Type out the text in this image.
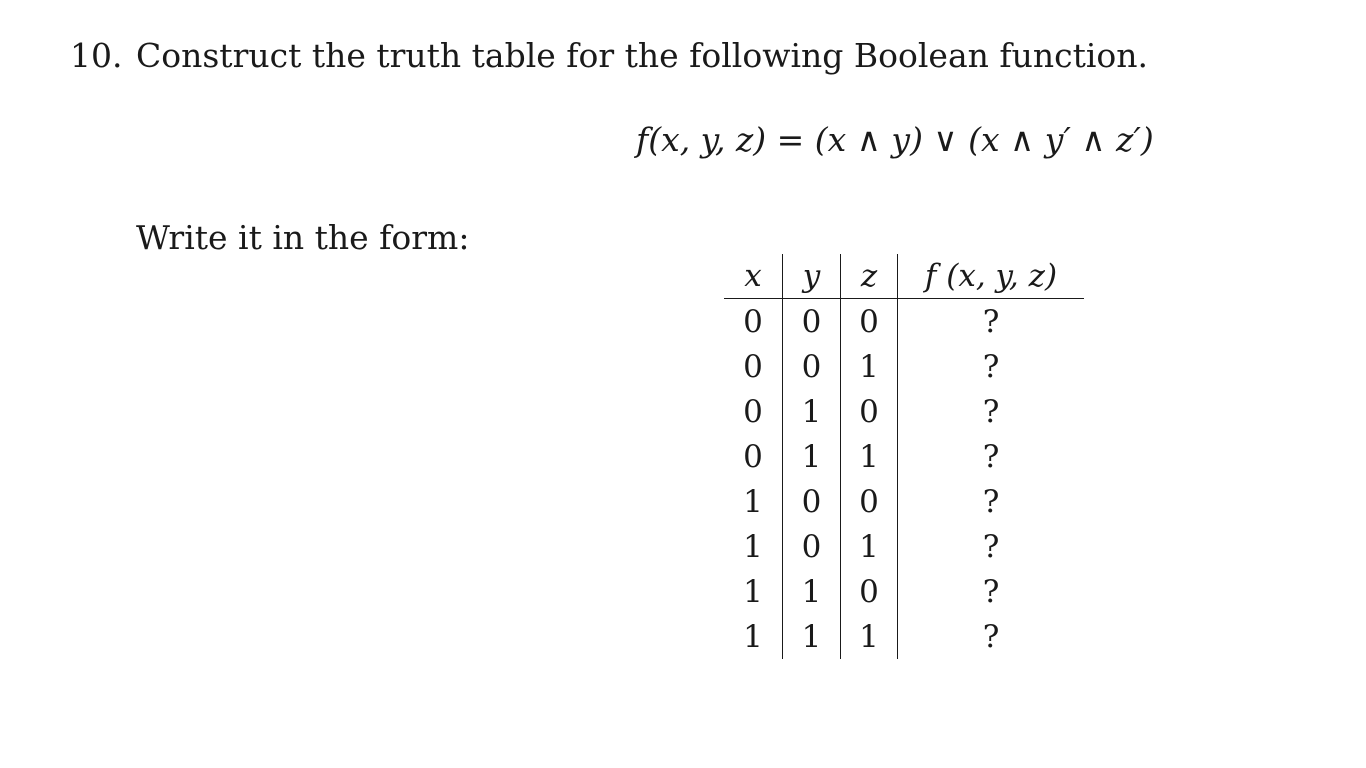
10. Construct the truth table for the following Boolean function.
f(x, y, z) = (x ∧ y) ∨ (x ∧ y′ ∧ z′)
Write it in the form:
x	y	z	f (x, y, z)
0	0	0	?
0	0	1	?
0	1	0	?
0	1	1	?
1	0	0	?
1	0	1	?
1	1	0	?
1	1	1	?
